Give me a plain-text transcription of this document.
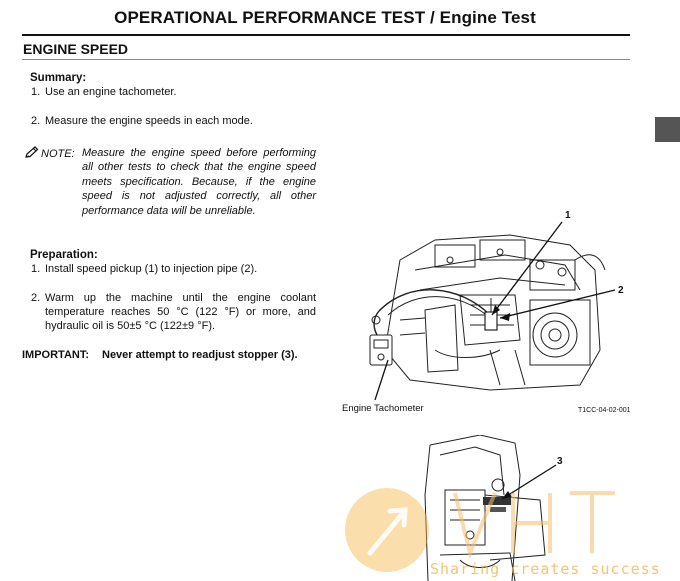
OPERATIONAL PERFORMANCE TEST / Engine Test
ENGINE SPEED
Summary:
1. Use an engine tachometer.
2. Measure the engine speeds in each mode.
NOTE: Measure the engine speed before performing all other tests to check that the engine speed meets specification. Because, if the engine speed is not adjusted correctly, all other performance data will be unreliable.
Preparation:
1. Install speed pickup (1) to injection pipe (2).
2. Warm up the machine until the engine coolant temperature reaches 50 °C (122 °F) or more, and hydraulic oil is 50±5 °C (122±9 °F).
IMPORTANT: Never attempt to readjust stopper (3).
1
2
Engine Tachometer	T1CC-04-02-001
3
Sharing creates success
